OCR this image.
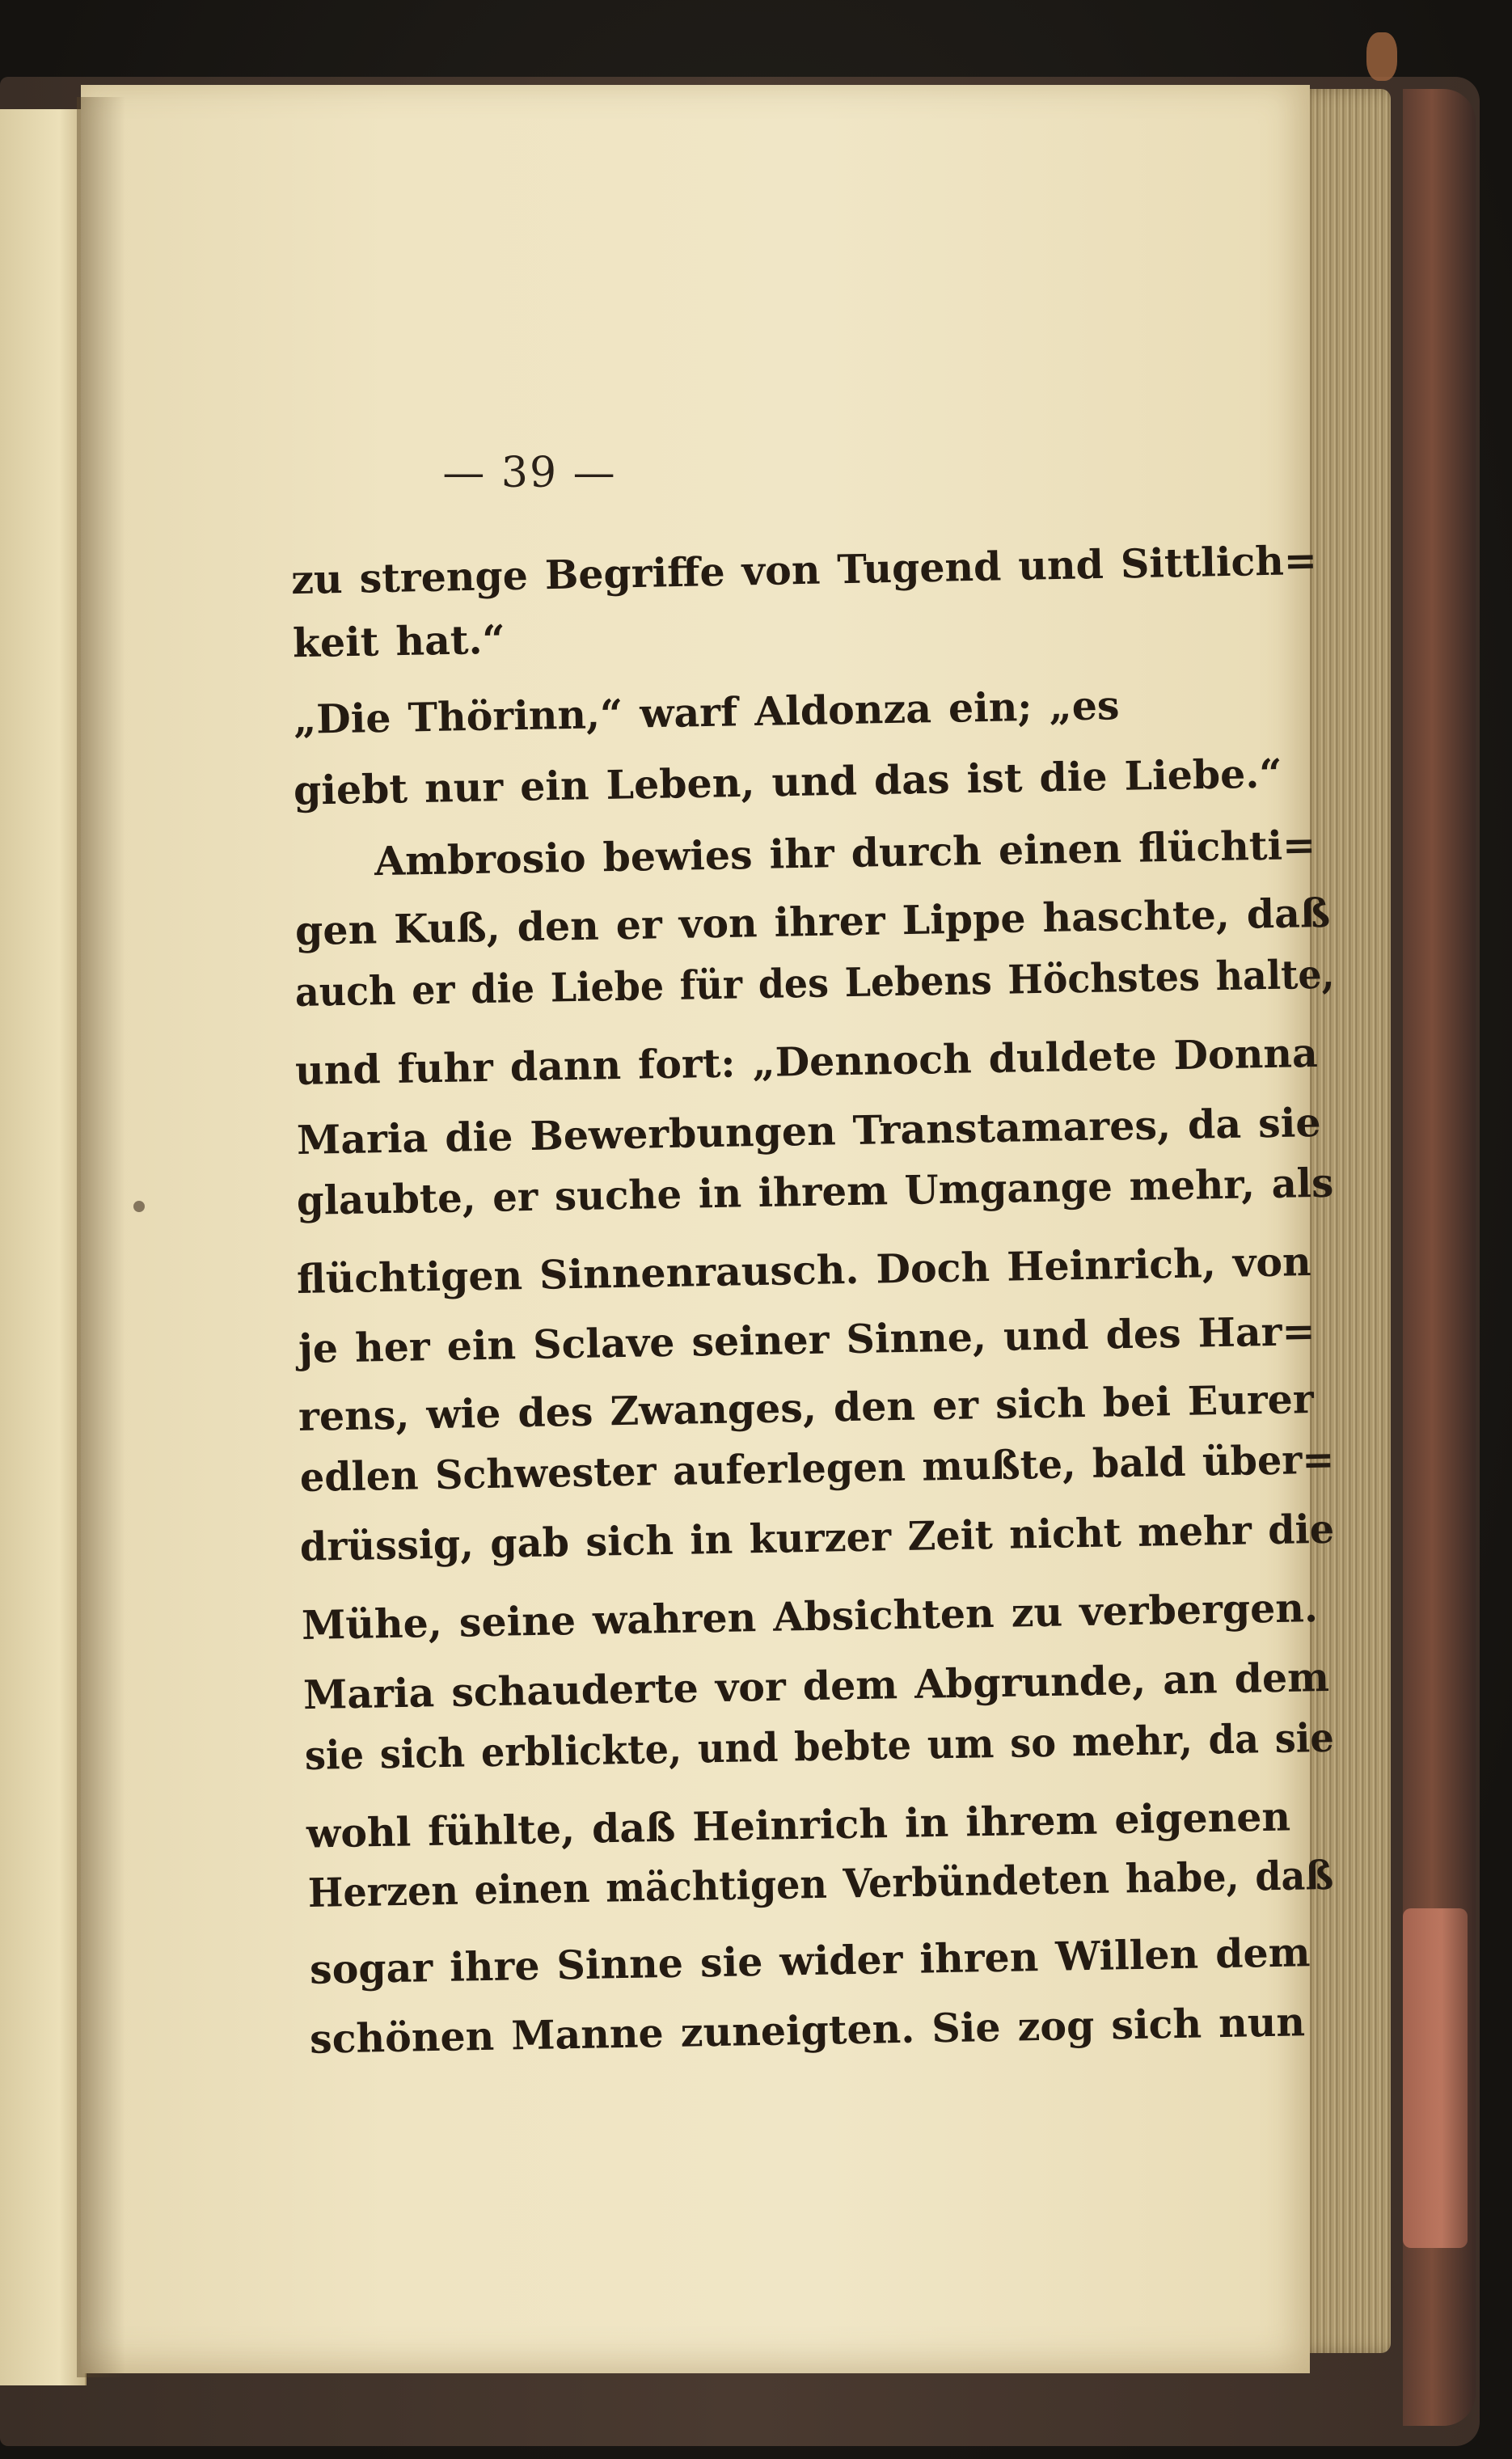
— 39 —
zu strenge Begriffe von Tugend und Sittlich=
keit hat.“
„Die Thörinn,“ warf Aldonza ein; „es
giebt nur ein Leben, und das ist die Liebe.“
Ambrosio bewies ihr durch einen flüchti=
gen Kuß, den er von ihrer Lippe haschte, daß
auch er die Liebe für des Lebens Höchstes halte,
und fuhr dann fort: „Dennoch duldete Donna
Maria die Bewerbungen Transtamares, da sie
glaubte, er suche in ihrem Umgange mehr, als
flüchtigen Sinnenrausch. Doch Heinrich, von
je her ein Sclave seiner Sinne, und des Har=
rens, wie des Zwanges, den er sich bei Eurer
edlen Schwester auferlegen mußte, bald über=
drüssig, gab sich in kurzer Zeit nicht mehr die
Mühe, seine wahren Absichten zu verbergen.
Maria schauderte vor dem Abgrunde, an dem
sie sich erblickte, und bebte um so mehr, da sie
wohl fühlte, daß Heinrich in ihrem eigenen
Herzen einen mächtigen Verbündeten habe, daß
sogar ihre Sinne sie wider ihren Willen dem
schönen Manne zuneigten. Sie zog sich nun
